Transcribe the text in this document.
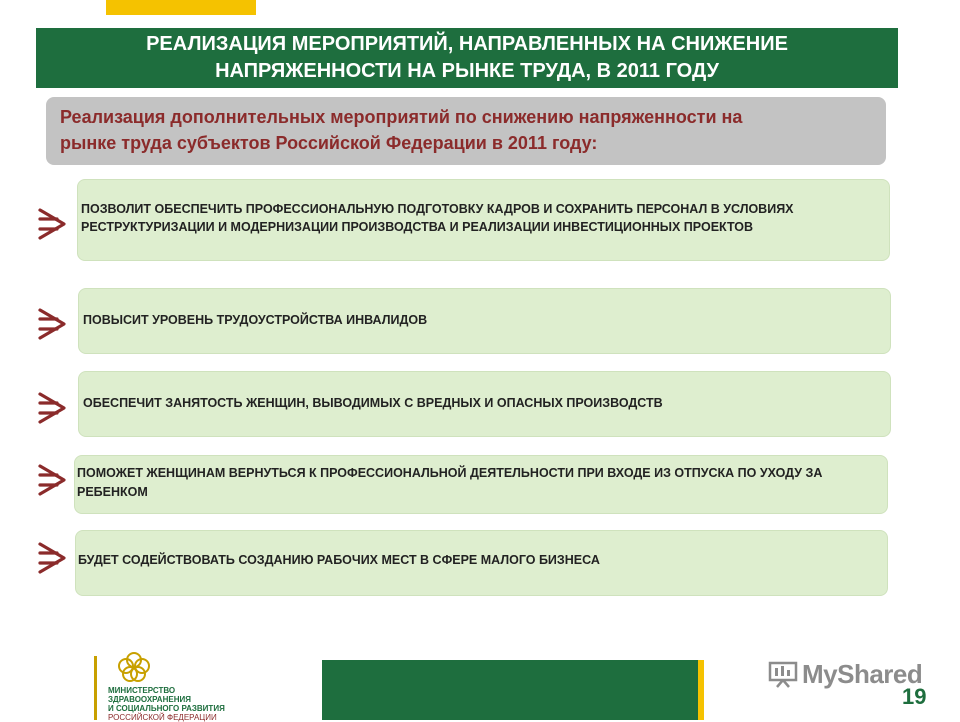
РЕАЛИЗАЦИЯ МЕРОПРИЯТИЙ, НАПРАВЛЕННЫХ НА СНИЖЕНИЕ
НАПРЯЖЕННОСТИ НА РЫНКЕ ТРУДА, В 2011 ГОДУ
Реализация дополнительных мероприятий по снижению напряженности на
рынке труда субъектов Российской Федерации в 2011 году:
ПОЗВОЛИТ ОБЕСПЕЧИТЬ ПРОФЕССИОНАЛЬНУЮ ПОДГОТОВКУ КАДРОВ И СОХРАНИТЬ ПЕРСОНАЛ В УСЛОВИЯХ РЕСТРУКТУРИЗАЦИИ И МОДЕРНИЗАЦИИ ПРОИЗВОДСТВА И РЕАЛИЗАЦИИ ИНВЕСТИЦИОННЫХ ПРОЕКТОВ
ПОВЫСИТ УРОВЕНЬ ТРУДОУСТРОЙСТВА ИНВАЛИДОВ
ОБЕСПЕЧИТ ЗАНЯТОСТЬ ЖЕНЩИН, ВЫВОДИМЫХ С ВРЕДНЫХ И ОПАСНЫХ ПРОИЗВОДСТВ
ПОМОЖЕТ ЖЕНЩИНАМ ВЕРНУТЬСЯ К ПРОФЕССИОНАЛЬНОЙ ДЕЯТЕЛЬНОСТИ ПРИ ВХОДЕ ИЗ ОТПУСКА ПО УХОДУ ЗА РЕБЕНКОМ
БУДЕТ СОДЕЙСТВОВАТЬ СОЗДАНИЮ РАБОЧИХ МЕСТ В СФЕРЕ МАЛОГО БИЗНЕСА
МИНИСТЕРСТВО
ЗДРАВООХРАНЕНИЯ
И СОЦИАЛЬНОГО РАЗВИТИЯ
РОССИЙСКОЙ ФЕДЕРАЦИИ
MyShared
19
